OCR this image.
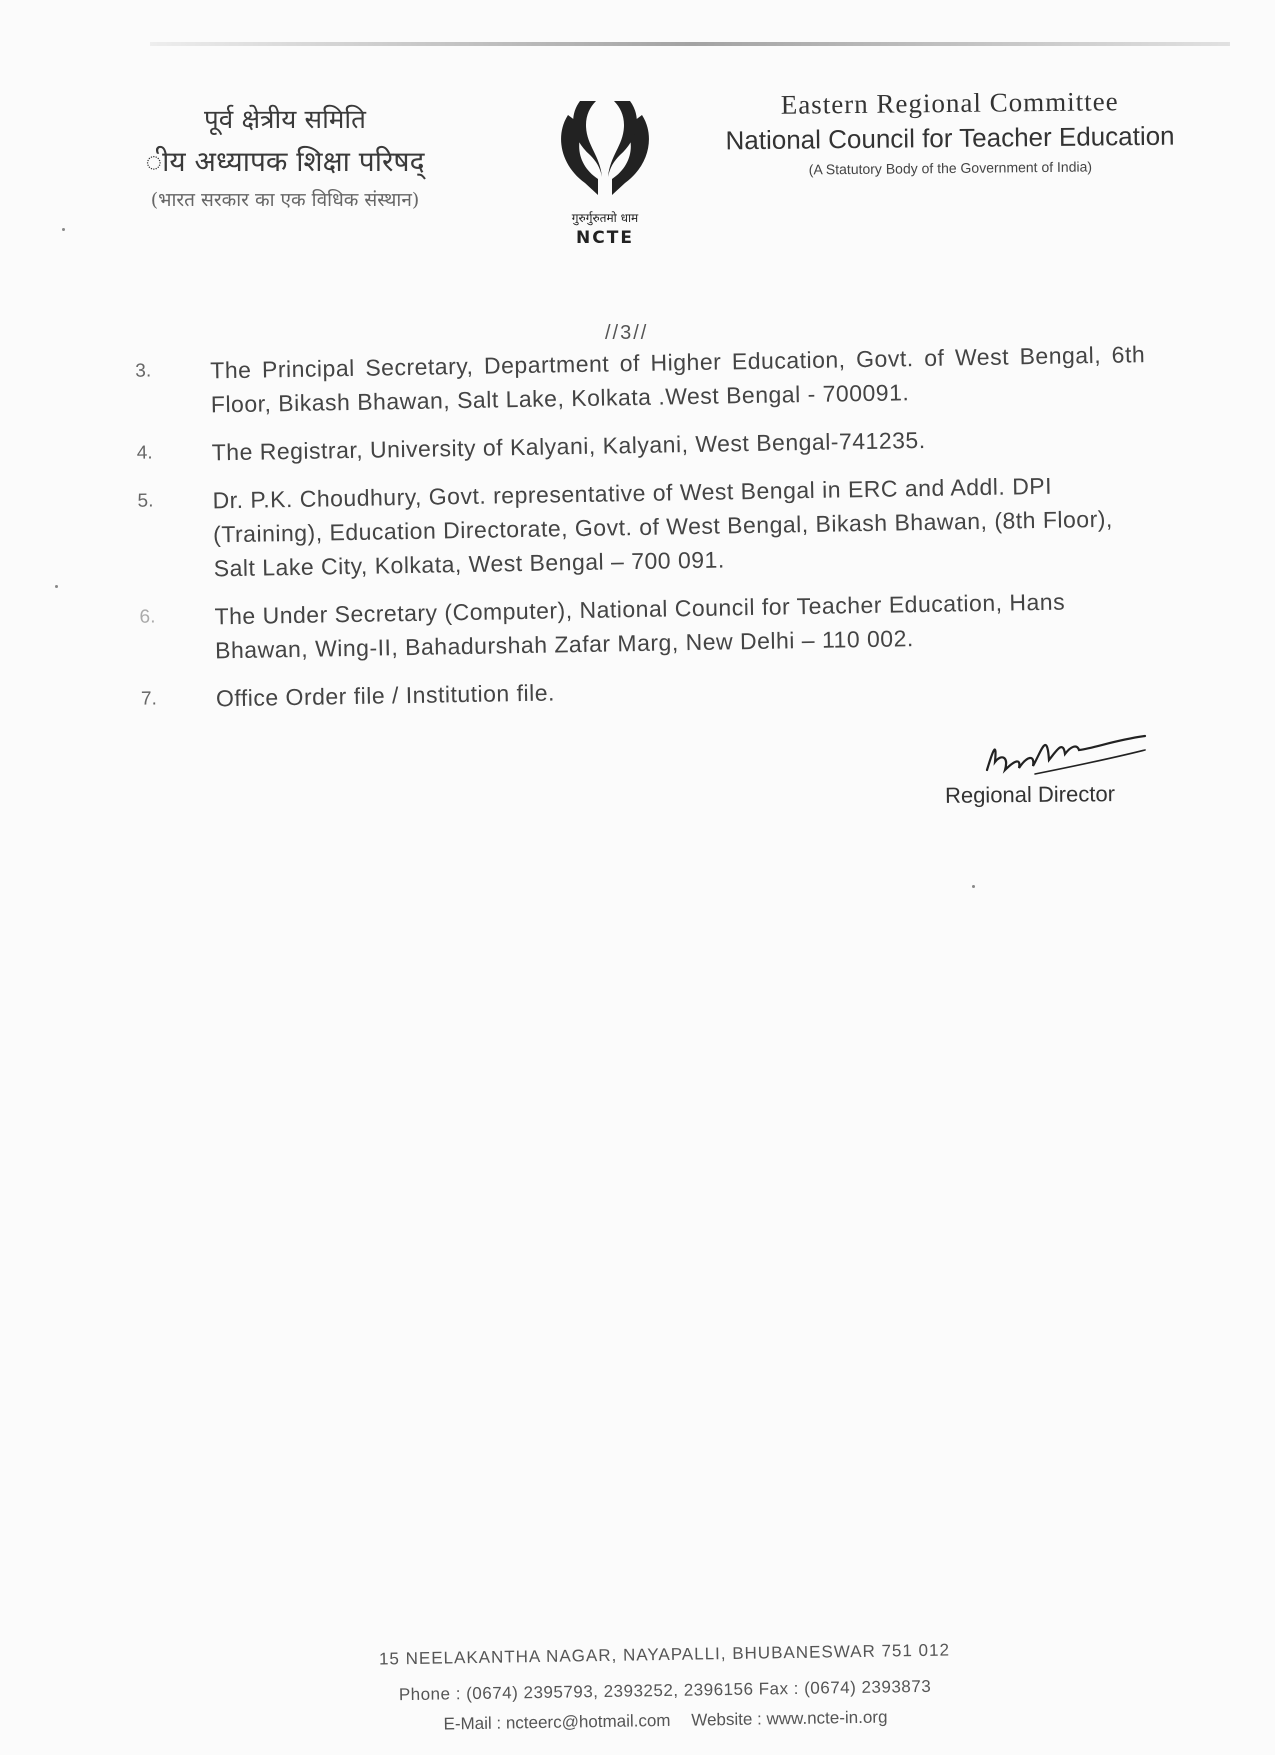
पूर्व क्षेत्रीय समिति
ीय अध्यापक शिक्षा परिषद्
(भारत सरकार का एक विधिक संस्थान)
गुरुर्गुरुतमो धाम
NCTE
Eastern Regional Committee
National Council for Teacher Education
(A Statutory Body of the Government of India)
//3//
3.	The Principal Secretary, Department of Higher Education, Govt. of West Bengal, 6th Floor, Bikash Bhawan, Salt Lake, Kolkata .West Bengal - 700091.
4.	The Registrar, University of Kalyani, Kalyani, West Bengal-741235.
5.	Dr. P.K. Choudhury, Govt. representative of West Bengal in ERC and Addl. DPI (Training), Education Directorate, Govt. of West Bengal, Bikash Bhawan, (8th Floor), Salt Lake City, Kolkata, West Bengal – 700 091.
6.	The Under Secretary (Computer), National Council for Teacher Education, Hans Bhawan, Wing-II, Bahadurshah Zafar Marg, New Delhi – 110 002.
7.	Office Order file / Institution file.
Regional Director
15 NEELAKANTHA NAGAR, NAYAPALLI, BHUBANESWAR 751 012
Phone : (0674) 2395793, 2393252, 2396156 Fax : (0674) 2393873
E-Mail : ncteerc@hotmail.com Website : www.ncte-in.org
